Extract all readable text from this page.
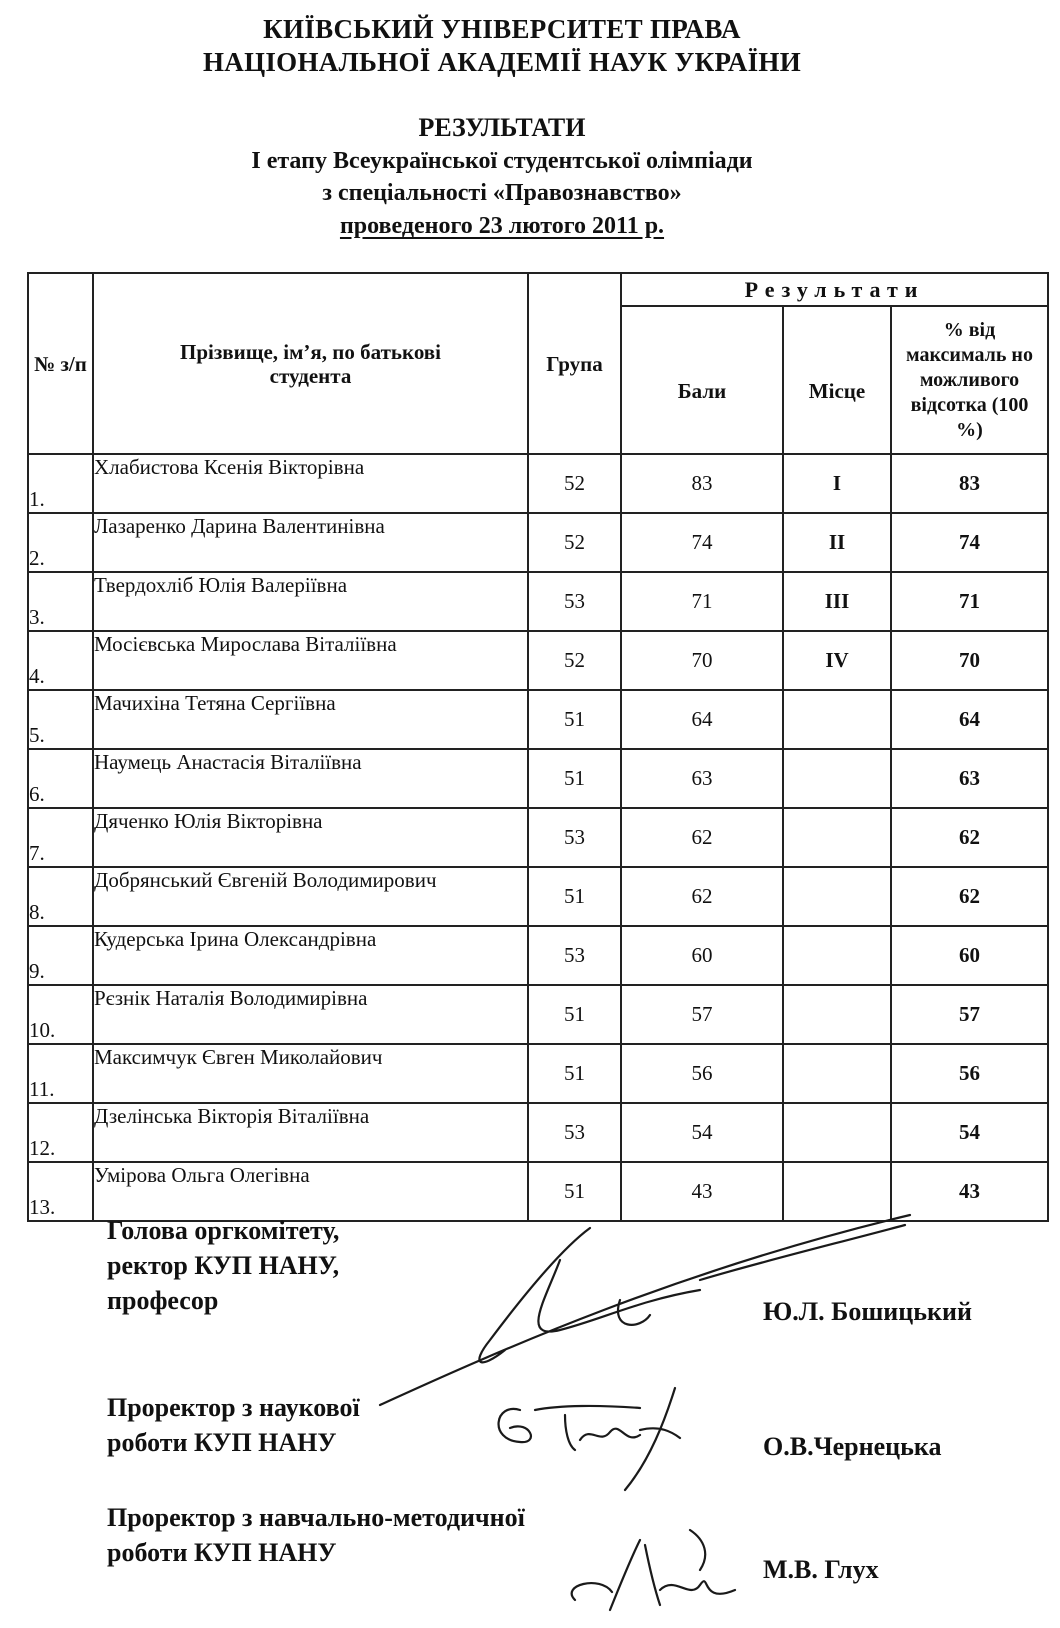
КИЇВСЬКИЙ УНІВЕРСИТЕТ ПРАВА
НАЦІОНАЛЬНОЇ АКАДЕМІЇ НАУК УКРАЇНИ
РЕЗУЛЬТАТИ
І етапу Всеукраїнської студентської олімпіади
з спеціальності «Правознавство»
проведеного 23 лютого 2011 р.
№ з/п	Прізвище, ім’я, по батькові студента	Група	Результати		
			Бали	Місце	% від максималь но можливого відсотка (100 %)
1.	Хлабистова Ксенія Вікторівна	52	83	І	83
2.	Лазаренко Дарина Валентинівна	52	74	ІІ	74
3.	Твердохліб Юлія Валеріївна	53	71	ІІІ	71
4.	Мосієвська Мирослава Віталіївна	52	70	IV	70
5.	Мачихіна Тетяна Сергіївна	51	64		64
6.	Наумець Анастасія Віталіївна	51	63		63
7.	Дяченко Юлія Вікторівна	53	62		62
8.	Добрянський Євгеній Володимирович	51	62		62
9.	Кудерська Ірина Олександрівна	53	60		60
10.	Рєзнік Наталія Володимирівна	51	57		57
11.	Максимчук Євген Миколайович	51	56		56
12.	Дзелінська Вікторія Віталіївна	53	54		54
13.	Умірова Ольга Олегівна	51	43		43
Голова оргкомітету,
ректор КУП НАНУ,
професор	Ю.Л. Бошицький
Проректор з наукової
роботи КУП НАНУ	О.В.Чернецька
Проректор з навчально-методичної
роботи КУП НАНУ
М.В. Глух
